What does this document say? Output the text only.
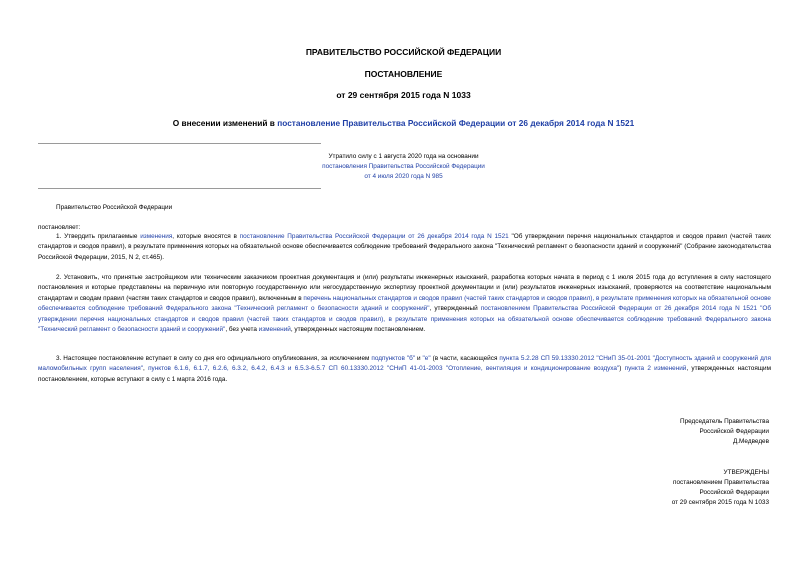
ПРАВИТЕЛЬСТВО РОССИЙСКОЙ ФЕДЕРАЦИИ
ПОСТАНОВЛЕНИЕ
от 29 сентября 2015 года N 1033
О внесении изменений в постановление Правительства Российской Федерации от 26 декабря 2014 года N 1521
Утратило силу с 1 августа 2020 года на основании
постановления Правительства Российской Федерации
от 4 июля 2020 года N 985
Правительство Российской Федерации
постановляет:
1. Утвердить прилагаемые изменения, которые вносятся в постановление Правительства Российской Федерации от 26 декабря 2014 года N 1521 "Об утверждении перечня национальных стандартов и сводов правил (частей таких стандартов и сводов правил), в результате применения которых на обязательной основе обеспечивается соблюдение требований Федерального закона "Технический регламент о безопасности зданий и сооружений" (Собрание законодательства Российской Федерации, 2015, N 2, ст.465).
2. Установить, что принятые застройщиком или техническим заказчиком проектная документация и (или) результаты инженерных изысканий, разработка которых начата в период с 1 июля 2015 года до вступления в силу настоящего постановления и которые представлены на первичную или повторную государственную или негосударственную экспертизу проектной документации и (или) результатов инженерных изысканий, проверяются на соответствие национальным стандартам и сводам правил (частям таких стандартов и сводов правил), включенным в перечень национальных стандартов и сводов правил (частей таких стандартов и сводов правил), в результате применения которых на обязательной основе обеспечивается соблюдение требований Федерального закона "Технический регламент о безопасности зданий и сооружений", утвержденный постановлением Правительства Российской Федерации от 26 декабря 2014 года N 1521 "Об утверждении перечня национальных стандартов и сводов правил (частей таких стандартов и сводов правил), в результате применения которых на обязательной основе обеспечивается соблюдение требований Федерального закона "Технический регламент о безопасности зданий и сооружений", без учета изменений, утвержденных настоящим постановлением.
3. Настоящее постановление вступает в силу со дня его официального опубликования, за исключением подпунктов "б" и "е" (в части, касающейся пункта 5.2.28 СП 59.13330.2012 "СНиП 35-01-2001 "Доступность зданий и сооружений для маломобильных групп населения", пунктов 6.1.6, 6.1.7, 6.2.6, 6.3.2, 6.4.2, 6.4.3 и 6.5.3-6.5.7 СП 60.13330.2012 "СНиП 41-01-2003 "Отопление, вентиляция и кондиционирование воздуха") пункта 2 изменений, утвержденных настоящим постановлением, которые вступают в силу с 1 марта 2016 года.
Председатель Правительства
Российской Федерации
Д.Медведев
УТВЕРЖДЕНЫ
постановлением Правительства
Российской Федерации
от 29 сентября 2015 года N 1033
